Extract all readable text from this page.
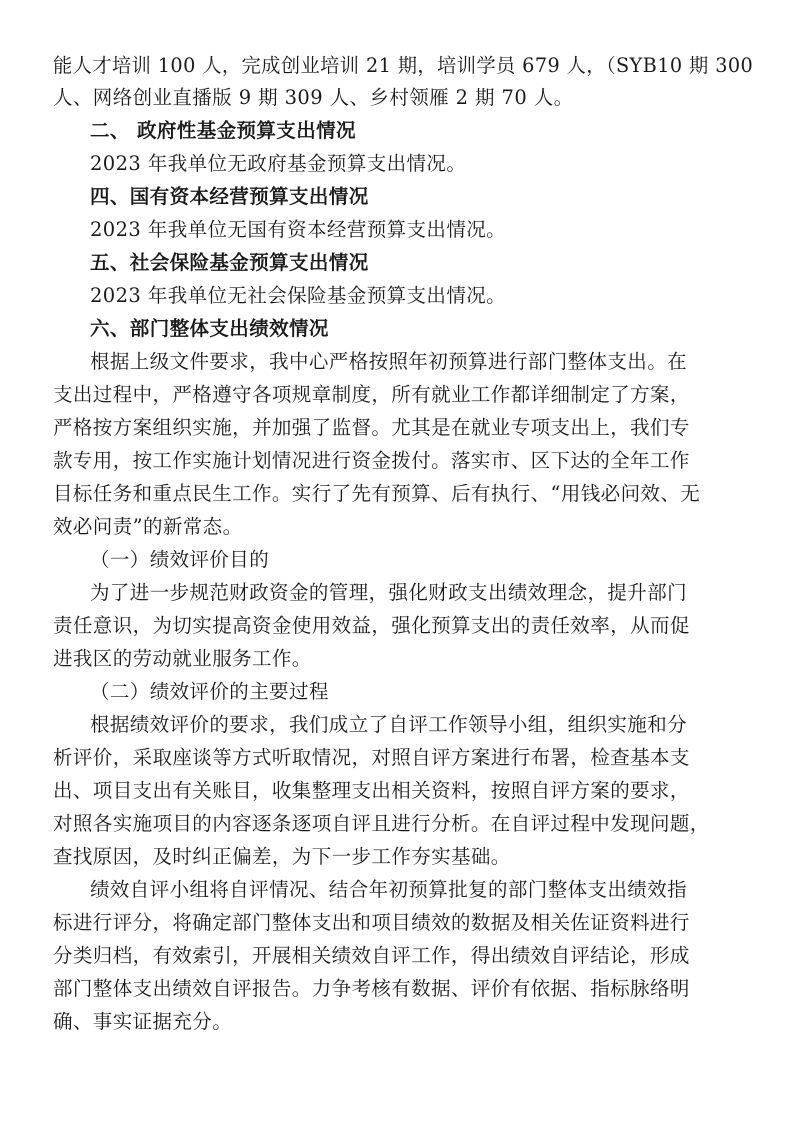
能人才培训 100 人，完成创业培训 21 期，培训学员 679 人，（SYB10 期 300
人、网络创业直播版 9 期 309 人、乡村领雁 2 期 70 人。
二、 政府性基金预算支出情况
2023 年我单位无政府基金预算支出情况。
四、国有资本经营预算支出情况
2023 年我单位无国有资本经营预算支出情况。
五、社会保险基金预算支出情况
2023 年我单位无社会保险基金预算支出情况。
六、部门整体支出绩效情况
根据上级文件要求，我中心严格按照年初预算进行部门整体支出。在
支出过程中，严格遵守各项规章制度，所有就业工作都详细制定了方案，
严格按方案组织实施，并加强了监督。尤其是在就业专项支出上，我们专
款专用，按工作实施计划情况进行资金拨付。落实市、区下达的全年工作
目标任务和重点民生工作。实行了先有预算、后有执行、“用钱必问效、无
效必问责”的新常态。
（一）绩效评价目的
为了进一步规范财政资金的管理，强化财政支出绩效理念，提升部门
责任意识，为切实提高资金使用效益，强化预算支出的责任效率，从而促
进我区的劳动就业服务工作。
（二）绩效评价的主要过程
根据绩效评价的要求，我们成立了自评工作领导小组，组织实施和分
析评价，采取座谈等方式听取情况，对照自评方案进行布署，检查基本支
出、项目支出有关账目，收集整理支出相关资料，按照自评方案的要求，
对照各实施项目的内容逐条逐项自评且进行分析。在自评过程中发现问题，
查找原因，及时纠正偏差，为下一步工作夯实基础。
绩效自评小组将自评情况、结合年初预算批复的部门整体支出绩效指
标进行评分，将确定部门整体支出和项目绩效的数据及相关佐证资料进行
分类归档，有效索引，开展相关绩效自评工作，得出绩效自评结论，形成
部门整体支出绩效自评报告。力争考核有数据、评价有依据、指标脉络明
确、事实证据充分。
